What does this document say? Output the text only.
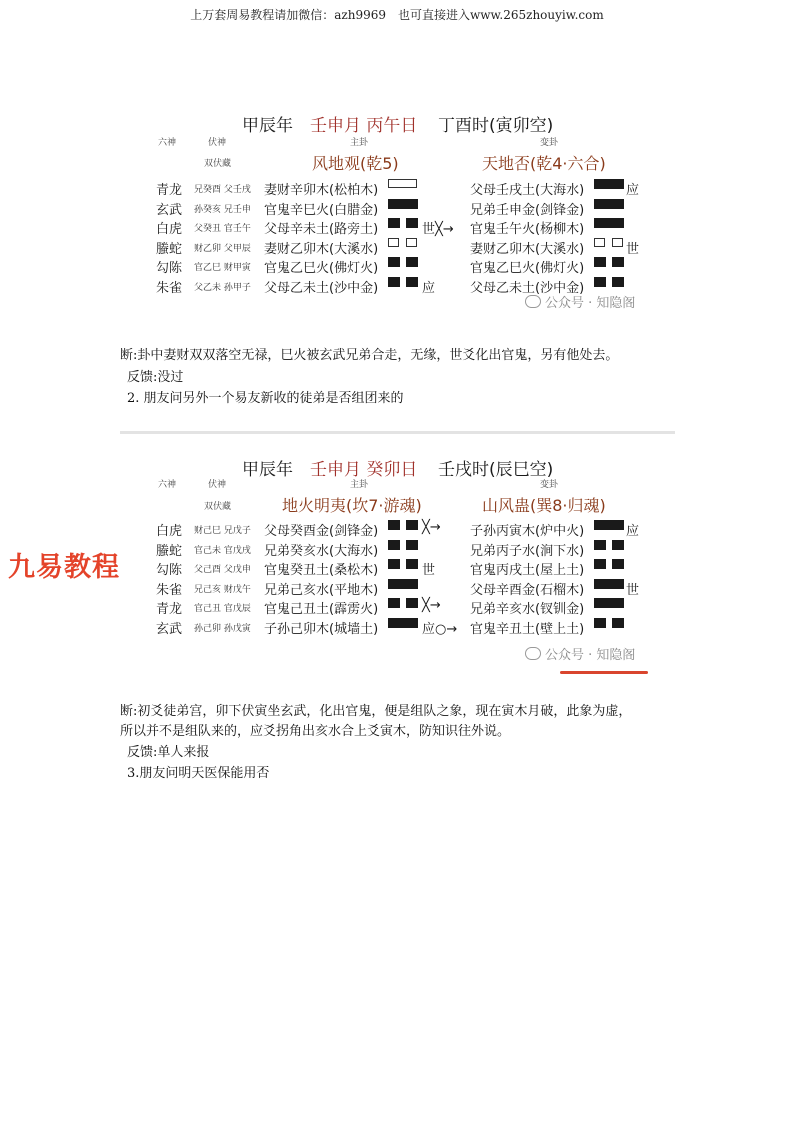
上万套周易教程请加微信：azh9969　也可直接进入www.265zhouyiw.com
甲辰年 壬申月 丙午日 丁酉时(寅卯空)
六神	伏神	主卦	变卦
双伏藏	风地观(乾5)	天地否(乾4·六合)
青龙 兄癸酉 父壬戌 妻财辛卯木(松柏木)	父母壬戌土(大海水)	应
玄武 孙癸亥 兄壬申 官鬼辛巳火(白腊金)	兄弟壬申金(剑锋金)
白虎 父癸丑 官壬午 父母辛未土(路旁土)	世╳→ 官鬼壬午火(杨柳木)
螣蛇 财乙卯 父甲辰 妻财乙卯木(大溪水)	妻财乙卯木(大溪水)	世
勾陈 官乙巳 财甲寅 官鬼乙巳火(佛灯火)	官鬼乙巳火(佛灯火)
朱雀 父乙未 孙甲子 父母乙未土(沙中金)	应	父母乙未土(沙中金)
公众号 · 知隐阁
断:卦中妻财双双落空无禄，巳火被玄武兄弟合走，无缘，世爻化出官鬼，另有他处去。
反馈:没过
2. 朋友问另外一个易友新收的徒弟是否组团来的
甲辰年 壬申月 癸卯日 壬戌时(辰巳空)
六神	伏神	主卦	变卦
双伏藏	地火明夷(坎7·游魂)	山风蛊(巽8·归魂)
白虎 财己巳 兄戊子 父母癸酉金(剑锋金)	╳→ 子孙丙寅木(炉中火)	应
螣蛇 官己未 官戊戌 兄弟癸亥水(大海水)	兄弟丙子水(涧下水)
勾陈 父己酉 父戊申 官鬼癸丑土(桑松木)	世	官鬼丙戌土(屋上土)
朱雀 兄己亥 财戊午 兄弟己亥水(平地木)	父母辛酉金(石榴木)	世
青龙 官己丑 官戊辰 官鬼己丑土(霹雳火)	╳→ 兄弟辛亥水(钗钏金)
玄武 孙己卯 孙戊寅 子孙己卯木(城墙土)	应○→ 官鬼辛丑土(壁上土)
公众号 · 知隐阁
九易教程
断:初爻徒弟宫，卯下伏寅坐玄武，化出官鬼，便是组队之象，现在寅木月破，此象为虚，
所以并不是组队来的，应爻拐角出亥水合上爻寅木，防知识往外说。
反馈:单人来报
3.朋友问明天医保能用否
